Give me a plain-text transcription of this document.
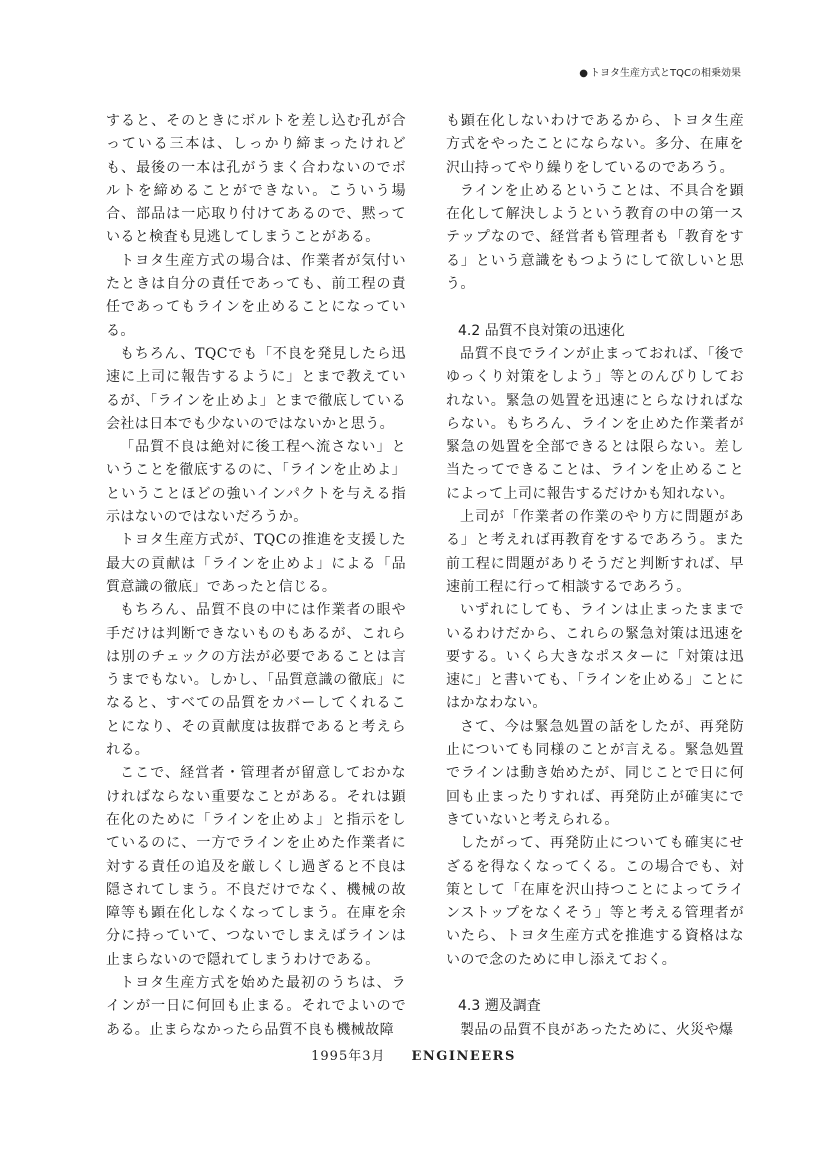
● トヨタ生産方式とTQCの相乗効果

すると、そのときにボルトを差し込む孔が合っている三本は、しっかり締まったけれども、最後の一本は孔がうまく合わないのでボルトを締めることができない。こういう場合、部品は一応取り付けてあるので、黙っていると検査も見逃してしまうことがある。

トヨタ生産方式の場合は、作業者が気付いたときは自分の責任であっても、前工程の責任であってもラインを止めることになっている。

もちろん、TQCでも「不良を発見したら迅速に上司に報告するように」とまで教えているが、「ラインを止めよ」とまで徹底している会社は日本でも少ないのではないかと思う。

「品質不良は絶対に後工程へ流さない」ということを徹底するのに、「ラインを止めよ」ということほどの強いインパクトを与える指示はないのではないだろうか。

トヨタ生産方式が、TQCの推進を支援した最大の貢献は「ラインを止めよ」による「品質意識の徹底」であったと信じる。

もちろん、品質不良の中には作業者の眼や手だけは判断できないものもあるが、これらは別のチェックの方法が必要であることは言うまでもない。しかし、「品質意識の徹底」になると、すべての品質をカバーしてくれることになり、その貢献度は抜群であると考えられる。

ここで、経営者・管理者が留意しておかなければならない重要なことがある。それは顕在化のために「ラインを止めよ」と指示をしているのに、一方でラインを止めた作業者に対する責任の追及を厳しくし過ぎると不良は隠されてしまう。不良だけでなく、機械の故障等も顕在化しなくなってしまう。在庫を余分に持っていて、つないでしまえばラインは止まらないので隠れてしまうわけである。

トヨタ生産方式を始めた最初のうちは、ラインが一日に何回も止まる。それでよいのである。止まらなかったら品質不良も機械故障

も顕在化しないわけであるから、トヨタ生産方式をやったことにならない。多分、在庫を沢山持ってやり繰りをしているのであろう。

ラインを止めるということは、不具合を顕在化して解決しようという教育の中の第一ステップなので、経営者も管理者も「教育をする」という意識をもつようにして欲しいと思う。

4.2 品質不良対策の迅速化

品質不良でラインが止まっておれば、「後でゆっくり対策をしよう」等とのんびりしておれない。緊急の処置を迅速にとらなければならない。もちろん、ラインを止めた作業者が緊急の処置を全部できるとは限らない。差し当たってできることは、ラインを止めることによって上司に報告するだけかも知れない。

上司が「作業者の作業のやり方に問題がある」と考えれば再教育をするであろう。また前工程に問題がありそうだと判断すれば、早速前工程に行って相談するであろう。

いずれにしても、ラインは止まったままでいるわけだから、これらの緊急対策は迅速を要する。いくら大きなポスターに「対策は迅速に」と書いても、「ラインを止める」ことにはかなわない。

さて、今は緊急処置の話をしたが、再発防止についても同様のことが言える。緊急処置でラインは動き始めたが、同じことで日に何回も止まったりすれば、再発防止が確実にできていないと考えられる。

したがって、再発防止についても確実にせざるを得なくなってくる。この場合でも、対策として「在庫を沢山持つことによってラインストップをなくそう」等と考える管理者がいたら、トヨタ生産方式を推進する資格はないので念のために申し添えておく。

4.3 遡及調査

製品の品質不良があったために、火災や爆

1995年3月 ENGINEERS
